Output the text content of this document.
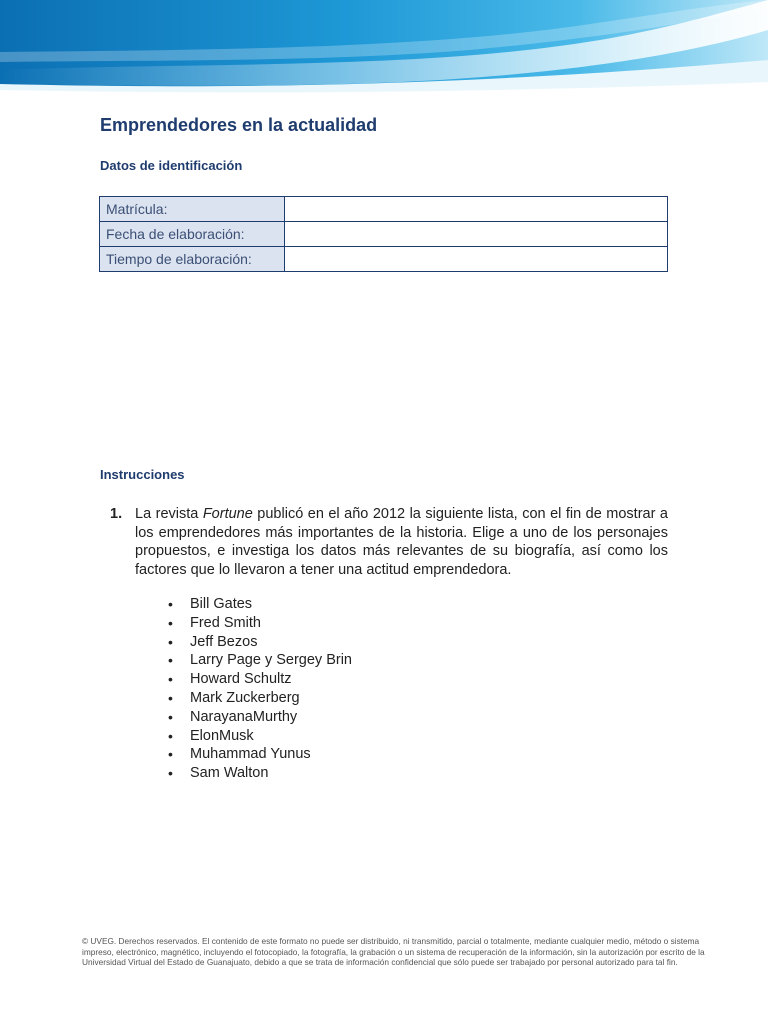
Emprendedores en la actualidad
Datos de identificación
Matrícula:	
Fecha de elaboración:	
Tiempo de elaboración:	
Instrucciones
1. La revista Fortune publicó en el año 2012 la siguiente lista, con el fin de mostrar a los emprendedores más importantes de la historia. Elige a uno de los personajes propuestos, e investiga los datos más relevantes de su biografía, así como los factores que lo llevaron a tener una actitud emprendedora.

• Bill Gates
• Fred Smith
• Jeff Bezos
• Larry Page y Sergey Brin
• Howard Schultz
• Mark Zuckerberg
• NarayanaMurthy
• ElonMusk
• Muhammad Yunus
• Sam Walton

© UVEG. Derechos reservados. El contenido de este formato no puede ser distribuido, ni transmitido, parcial o totalmente, mediante cualquier medio, método o sistema impreso, electrónico, magnético, incluyendo el fotocopiado, la fotografía, la grabación o un sistema de recuperación de la información, sin la autorización por escrito de la Universidad Virtual del Estado de Guanajuato, debido a que se trata de información confidencial que sólo puede ser trabajado por personal autorizado para tal fin.
